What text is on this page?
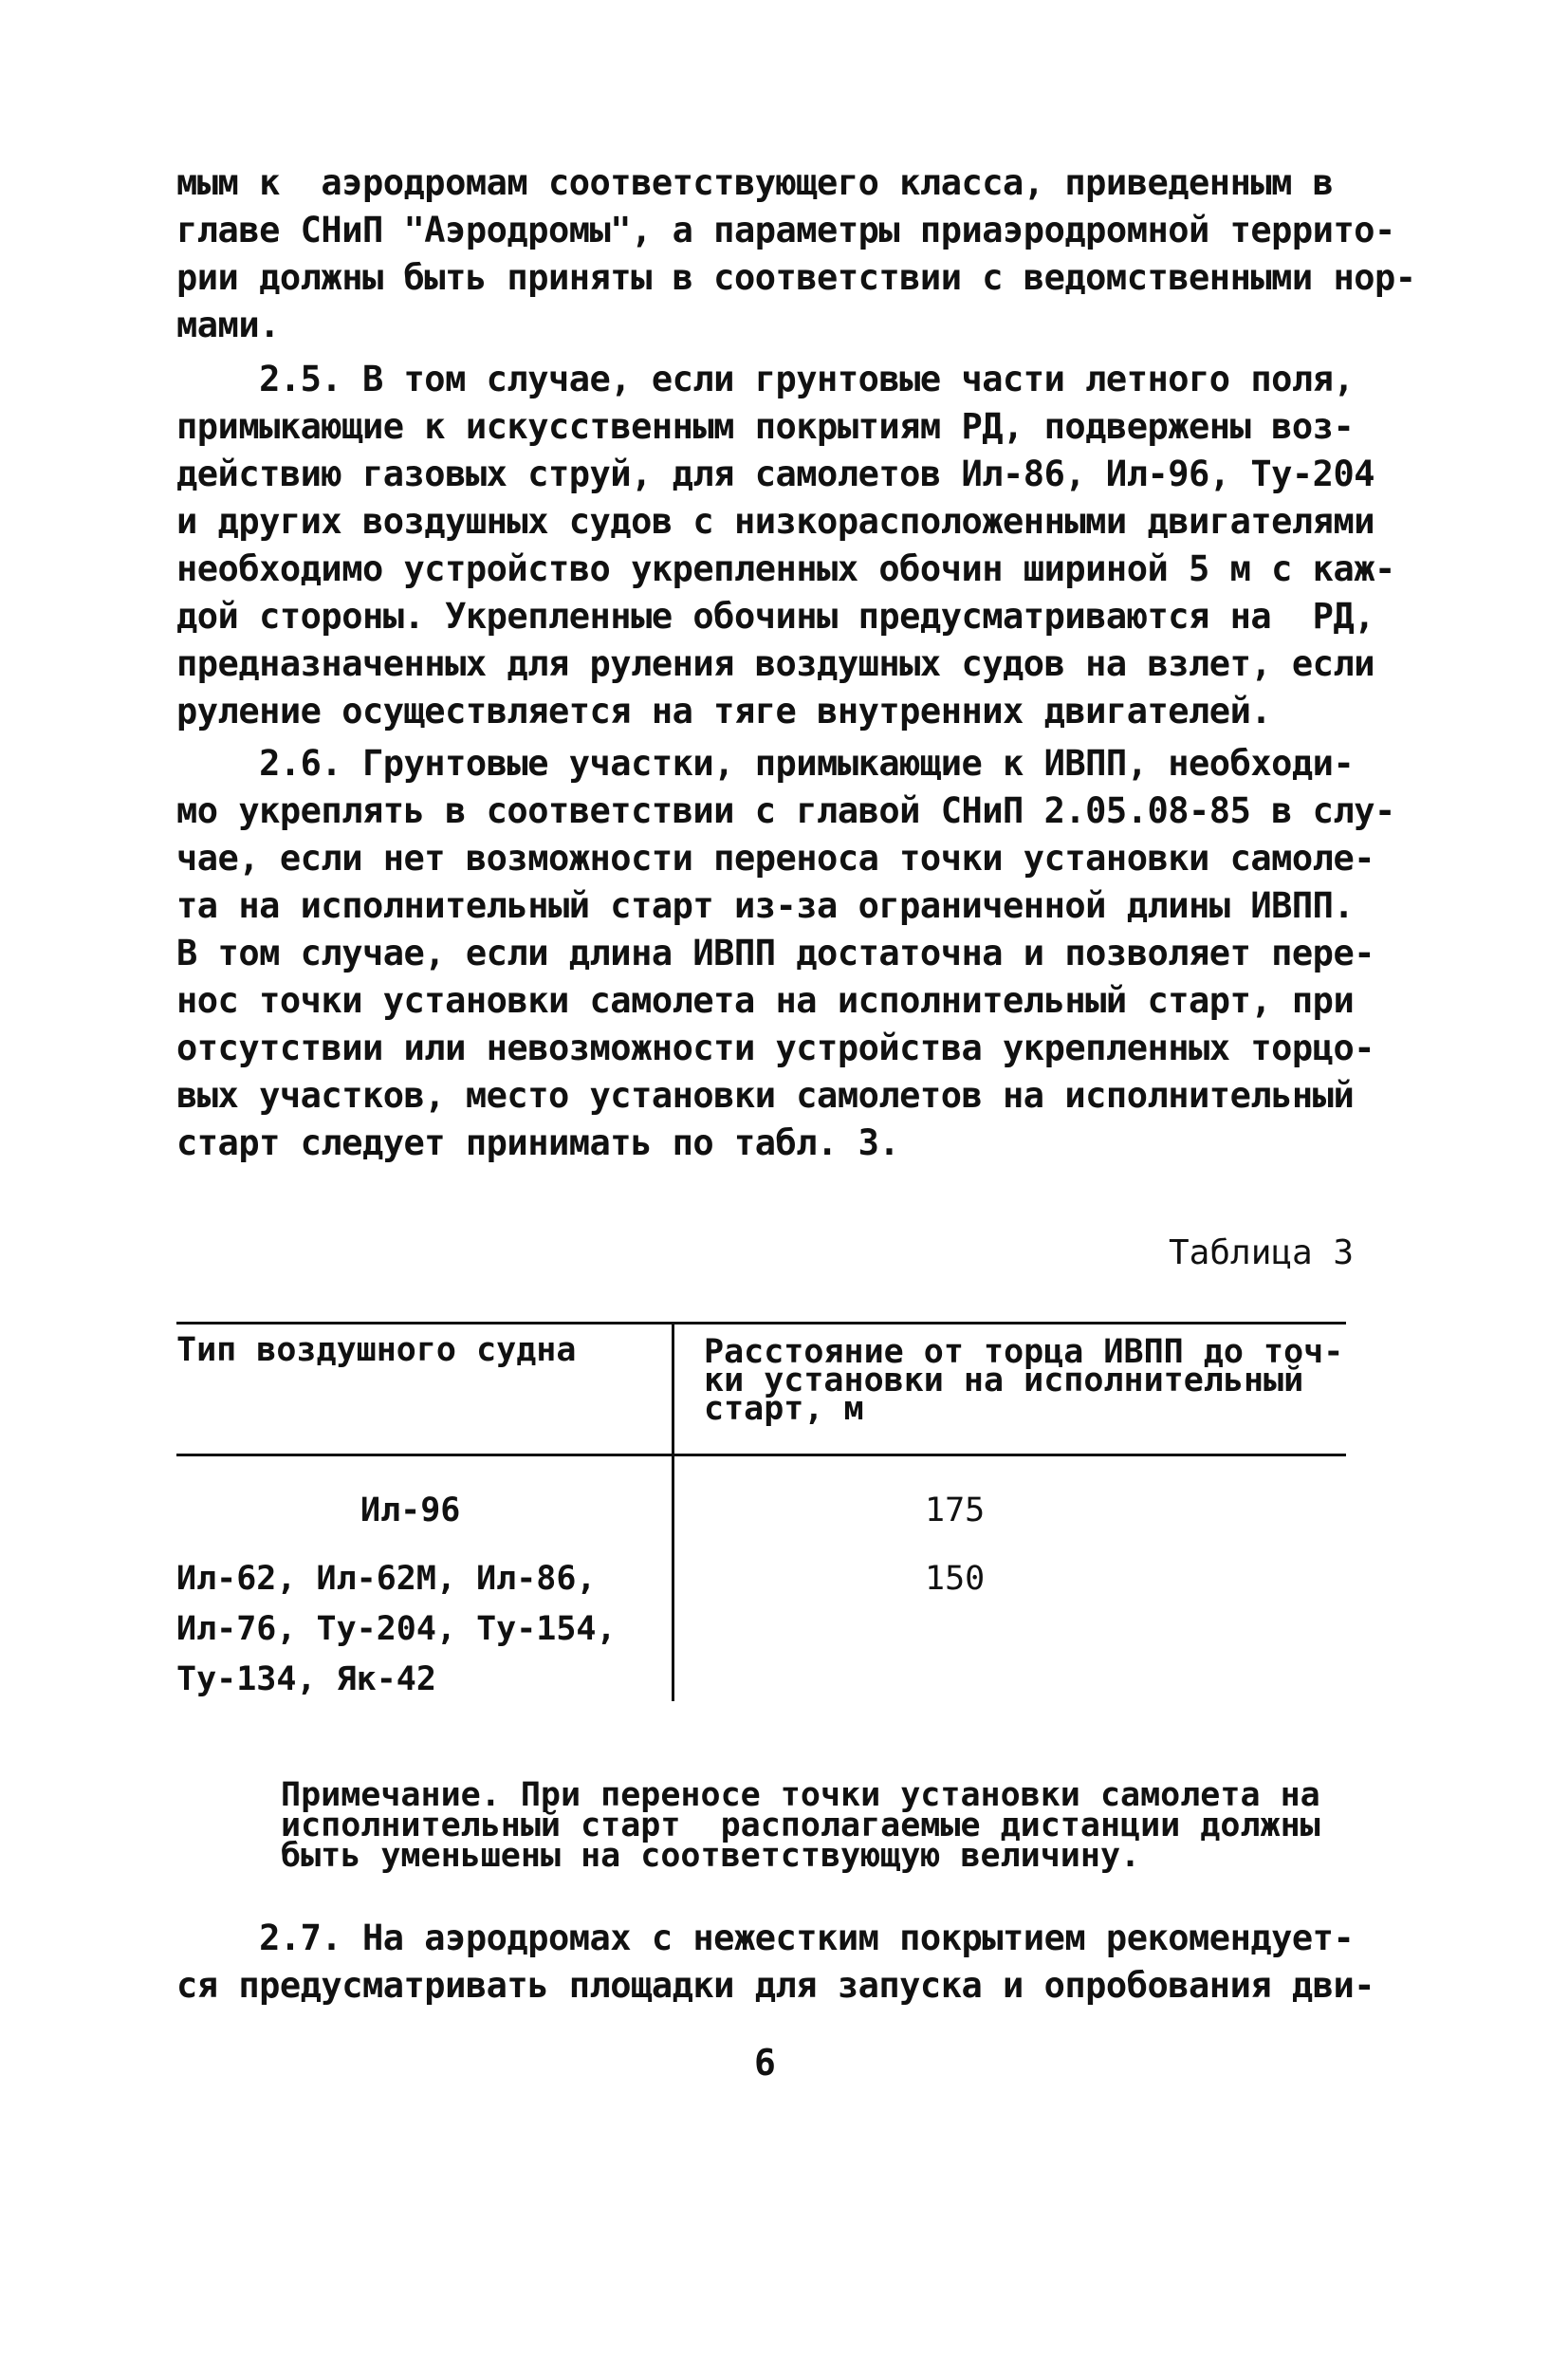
мым к  аэродромам соответствующего класса, приведенным в
главе СНиП "Аэродромы", а параметры приаэродромной террито-
рии должны быть приняты в соответствии с ведомственными нор-
мами.
2.5. В том случае, если грунтовые части летного поля,
примыкающие к искусственным покрытиям РД, подвержены воз-
действию газовых струй, для самолетов Ил-86, Ил-96, Ту-204
и других воздушных судов с низкорасположенными двигателями
необходимо устройство укрепленных обочин шириной 5 м с каж-
дой стороны. Укрепленные обочины предусматриваются на  РД,
предназначенных для руления воздушных судов на взлет, если
руление осуществляется на тяге внутренних двигателей.
2.6. Грунтовые участки, примыкающие к ИВПП, необходи-
мо укреплять в соответствии с главой СНиП 2.05.08-85 в слу-
чае, если нет возможности переноса точки установки самоле-
та на исполнительный старт из-за ограниченной длины ИВПП.
В том случае, если длина ИВПП достаточна и позволяет пере-
нос точки установки самолета на исполнительный старт, при
отсутствии или невозможности устройства укрепленных торцо-
вых участков, место установки самолетов на исполнительный
старт следует принимать по табл. 3.
Таблица 3
Тип воздушного судна	Расстояние от торца ИВПП до точ-
ки установки на исполнительный
старт, м
Ил-96	175
Ил-62, Ил-62М, Ил-86,
Ил-76, Ту-204, Ту-154,
Ту-134, Як-42
150
Примечание. При переносе точки установки самолета на
исполнительный старт  располагаемые дистанции должны
быть уменьшены на соответствующую величину.
2.7. На аэродромах с нежестким покрытием рекомендует-
ся предусматривать площадки для запуска и опробования дви-
6
